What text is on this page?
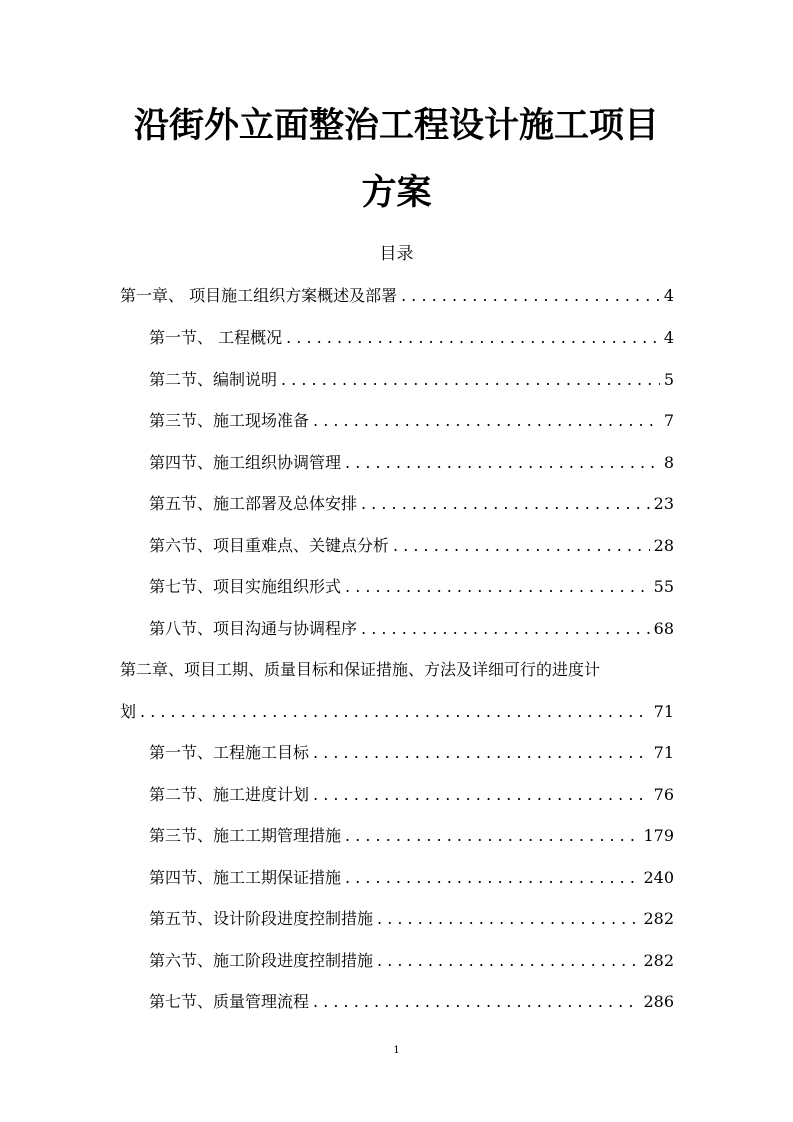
沿街外立面整治工程设计施工项目
方案
目录
第一章、 项目施工组织方案概述及部署 . . .	4
第一节、 工程概况 . . .	4
第二节、编制说明 . . .	5
第三节、施工现场准备 . . .	7
第四节、施工组织协调管理 . . .	8
第五节、施工部署及总体安排 . . .	23
第六节、项目重难点、关键点分析 . . .	28
第七节、项目实施组织形式 . . .	55
第八节、项目沟通与协调程序 . . .	68
第二章、项目工期、质量目标和保证措施、方法及详细可行的进度计
划 . . .	71
第一节、工程施工目标 . . .	71
第二节、施工进度计划 . . .	76
第三节、施工工期管理措施 . . .	179
第四节、施工工期保证措施 . . .	240
第五节、设计阶段进度控制措施 . . .	282
第六节、施工阶段进度控制措施 . . .	282
第七节、质量管理流程 . . .	286
1
